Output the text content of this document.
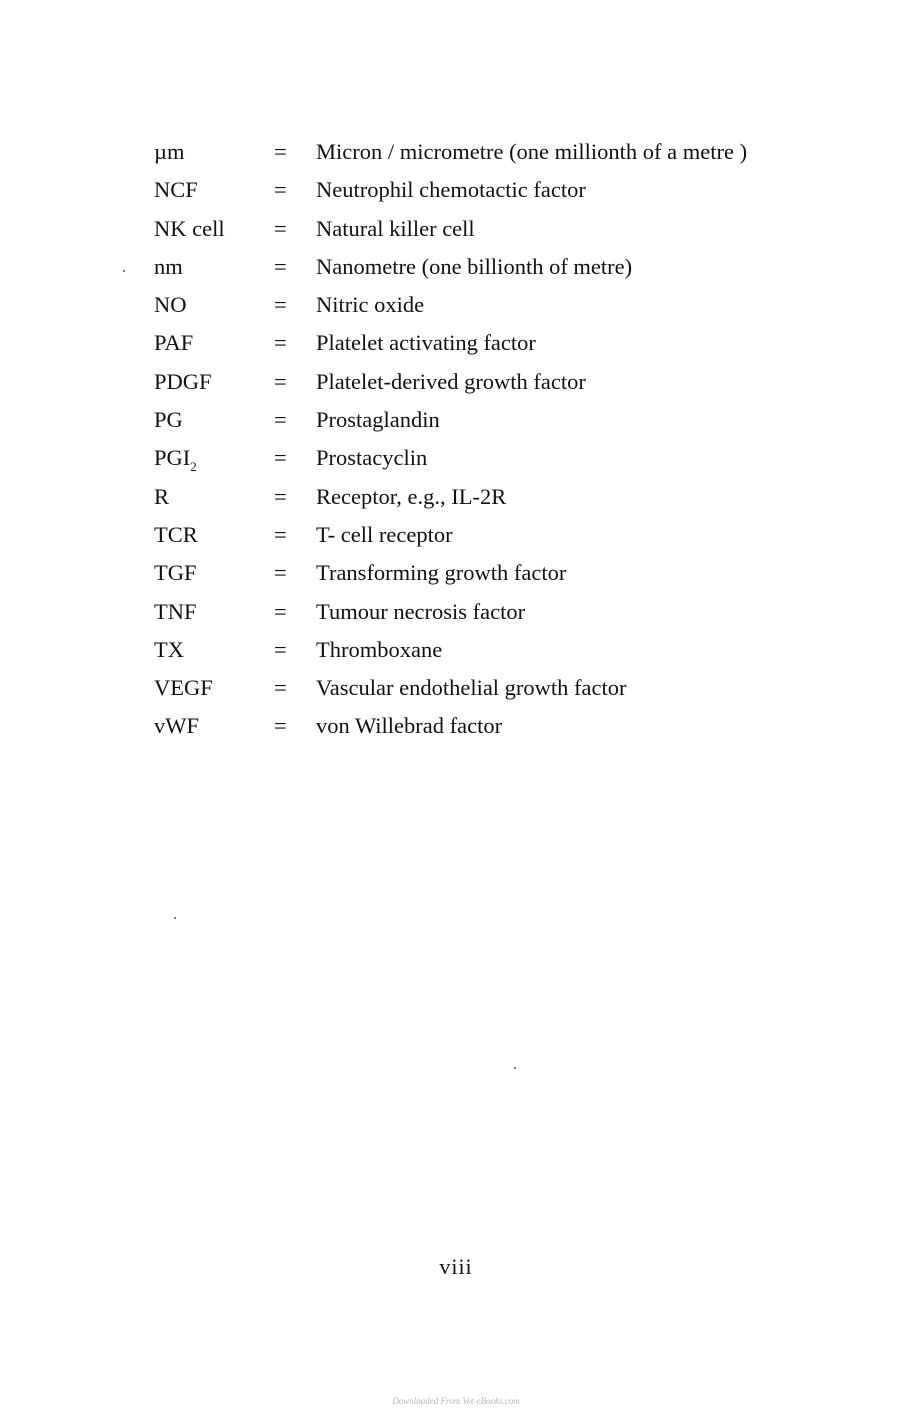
µm	= Micron / micrometre (one millionth of a metre )
NCF	= Neutrophil chemotactic factor
NK cell = Natural killer cell
nm	= Nanometre (one billionth of metre)
NO	= Nitric oxide
PAF	= Platelet activating factor
PDGF	= Platelet-derived growth factor
PG	= Prostaglandin
$PGI_2$	= Prostacyclin
R	= Receptor, e.g., IL-2R
TCR	= T- cell receptor
TGF	= Transforming growth factor
TNF	= Tumour necrosis factor
TX	= Thromboxane
VEGF	= Vascular endothelial growth factor
vWF	= von Willebrad factor
viii
Downloaded From Vet-eBooks.com
